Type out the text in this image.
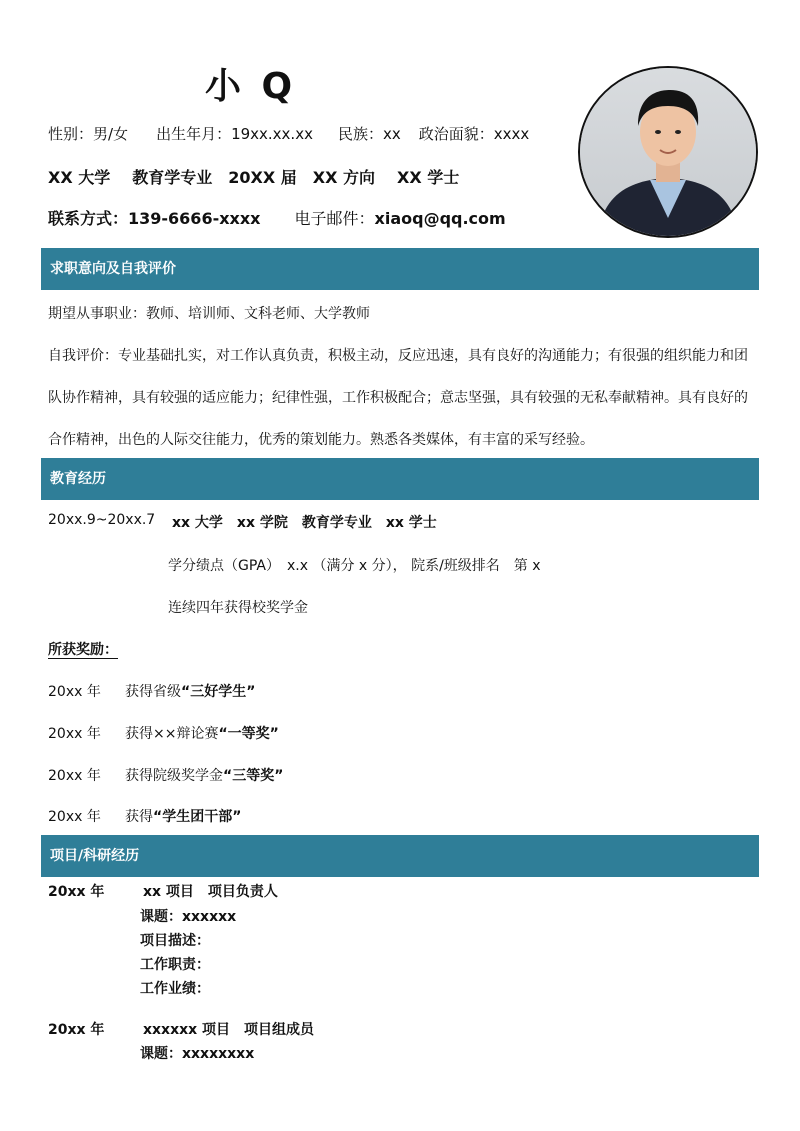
小 Q
性别：男/女 出生年月：19xx.xx.xx 民族：xx 政治面貌：xxxx
XX 大学 教育学专业 20XX 届 XX 方向 XX 学士
联系方式：139-6666-xxxx 电子邮件：xiaoq@qq.com
求职意向及自我评价
期望从事职业：教师、培训师、文科老师、大学教师
自我评价：专业基础扎实，对工作认真负责，积极主动，反应迅速，具有良好的沟通能力；有很强的组织能力和团
队协作精神，具有较强的适应能力；纪律性强，工作积极配合；意志坚强，具有较强的无私奉献精神。具有良好的
合作精神，出色的人际交往能力，优秀的策划能力。熟悉各类媒体，有丰富的采写经验。
教育经历
20xx.9~20xx.7 xx 大学　xx 学院　教育学专业　xx 学士
学分绩点（GPA）　x.x （满分 x 分）， 院系/班级排名　第 x
连续四年获得校奖学金
所获奖励：
20xx 年 获得省级“三好学生”
20xx 年 获得××辩论赛“一等奖”
20xx 年 获得院级奖学金“三等奖”
20xx 年 获得“学生团干部”
项目/科研经历
20xx 年	xx 项目　项目负责人
课题：xxxxxx
项目描述：
工作职责：
工作业绩：
20xx 年	xxxxxx 项目　项目组成员
课题：xxxxxxxx
